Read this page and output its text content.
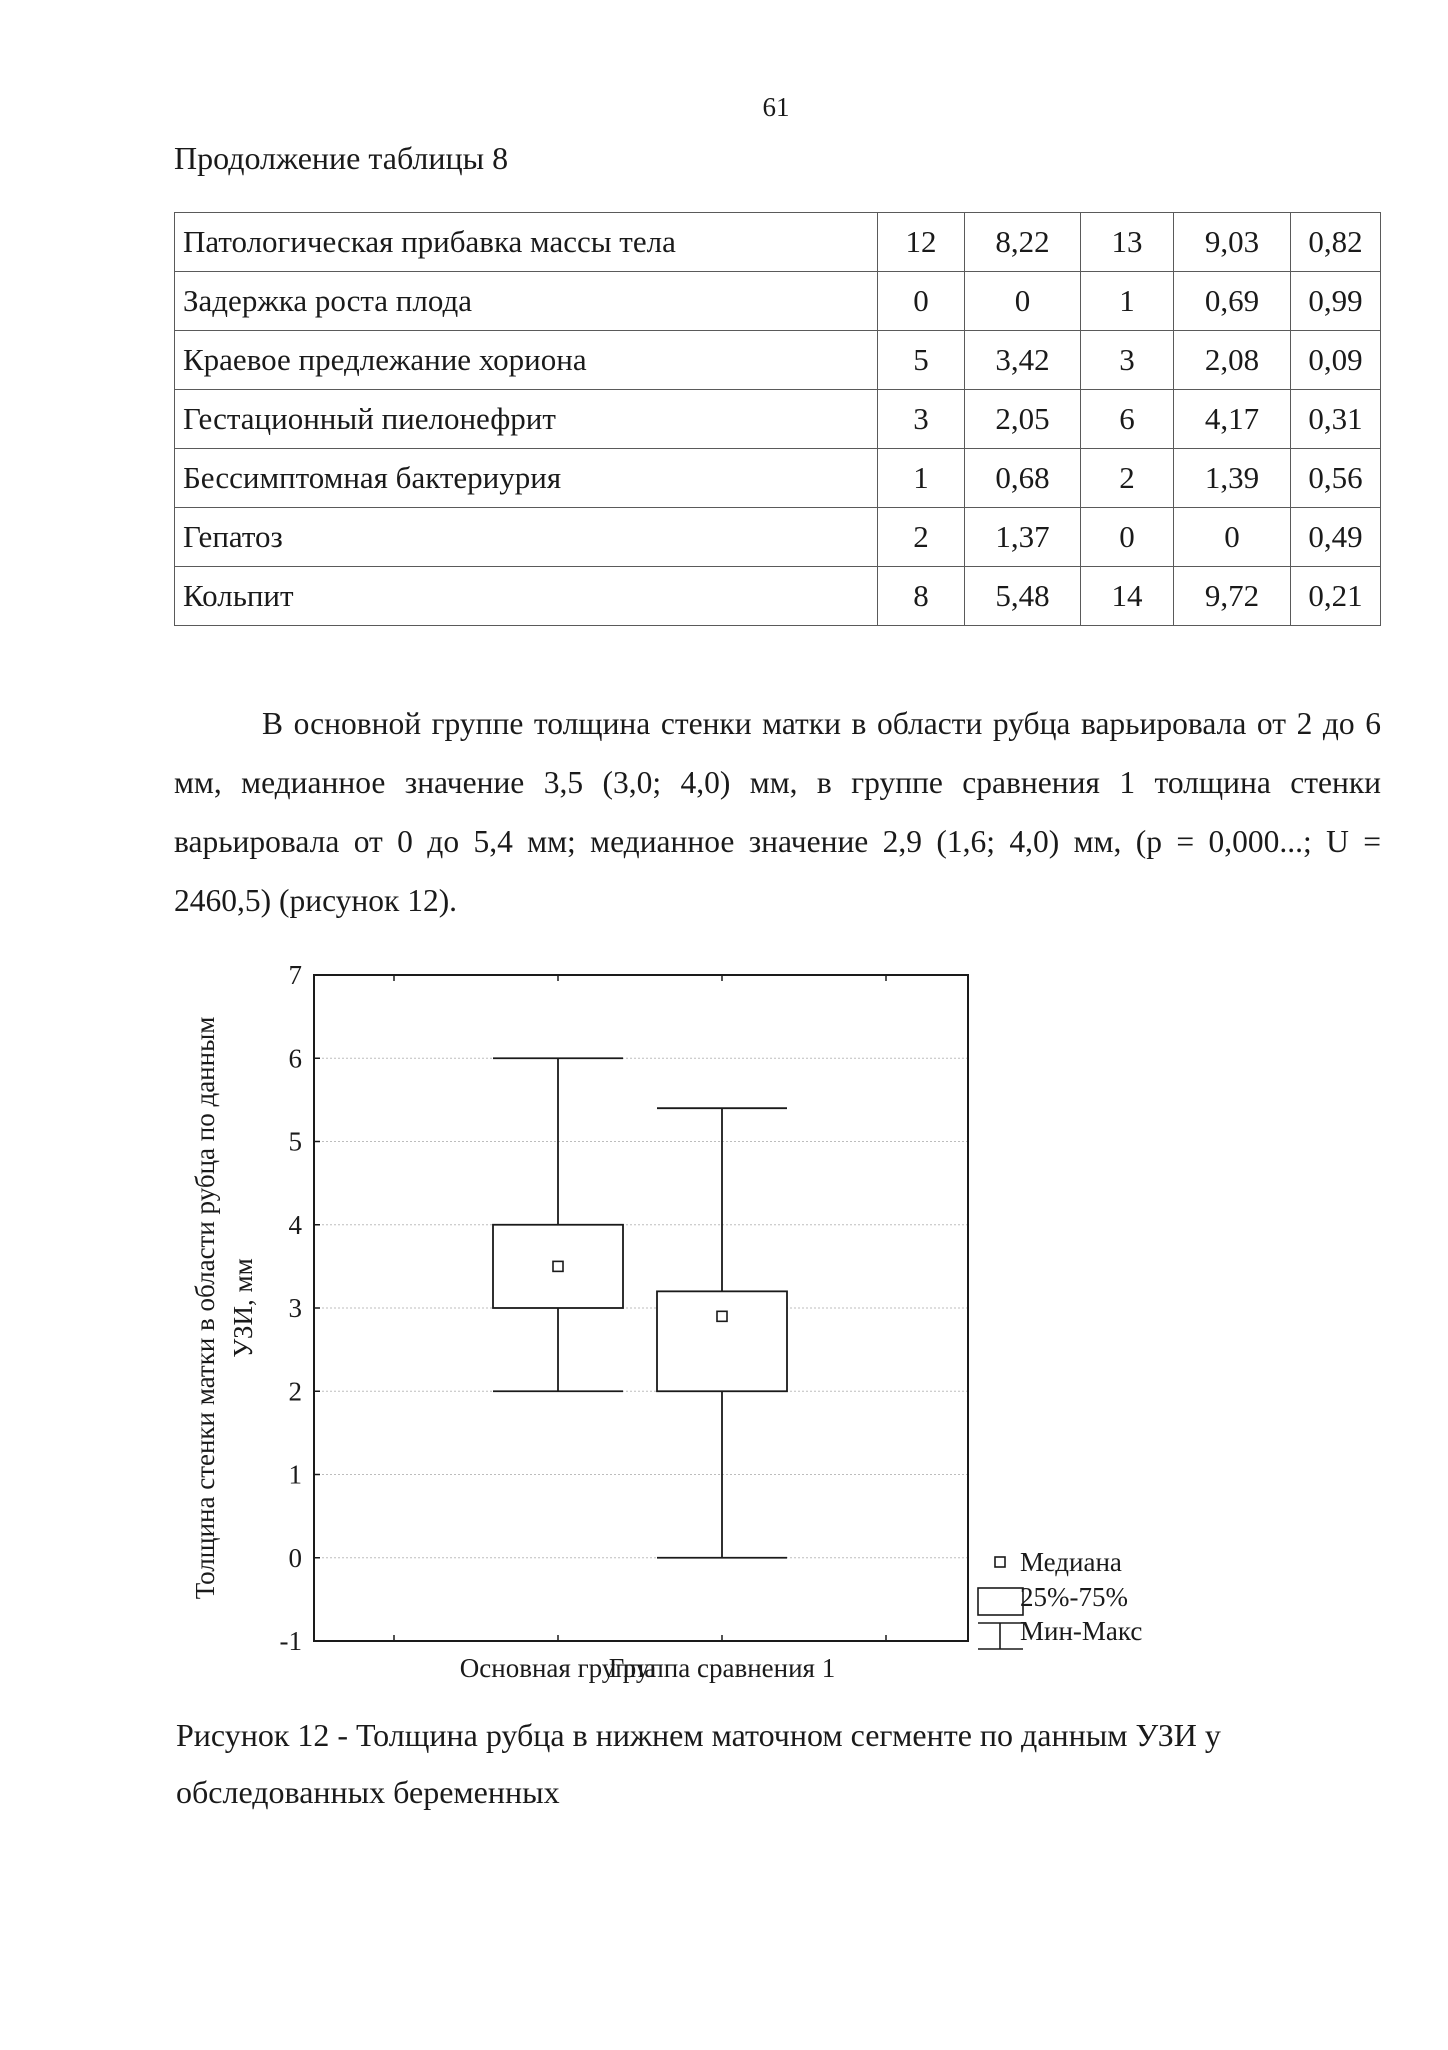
61
Продолжение таблицы 8
Патологическая прибавка массы тела	12	8,22	13	9,03	0,82
Задержка роста плода	0	0	1	0,69	0,99
Краевое предлежание хориона	5	3,42	3	2,08	0,09
Гестационный пиелонефрит	3	2,05	6	4,17	0,31
Бессимптомная бактериурия	1	0,68	2	1,39	0,56
Гепатоз	2	1,37	0	0	0,49
Кольпит	8	5,48	14	9,72	0,21
В основной группе толщина стенки матки в области рубца варьировала от 2 до 6 мм, медианное значение 3,5 (3,0; 4,0) мм, в группе сравнения 1 толщина стенки варьировала от 0 до 5,4 мм; медианное значение 2,9 (1,6; 4,0) мм, (p = 0,000...; U = 2460,5) (рисунок 12).
-1
0
1
2
3
4
5
6
7
Толщина стенки матки в области рубца по данным УЗИ, мм
Основная группа
Группа сравнения 1
Медиана
25%-75%
Мин-Макс
Рисунок 12 - Толщина рубца в нижнем маточном сегменте по данным УЗИ у обследованных беременных
